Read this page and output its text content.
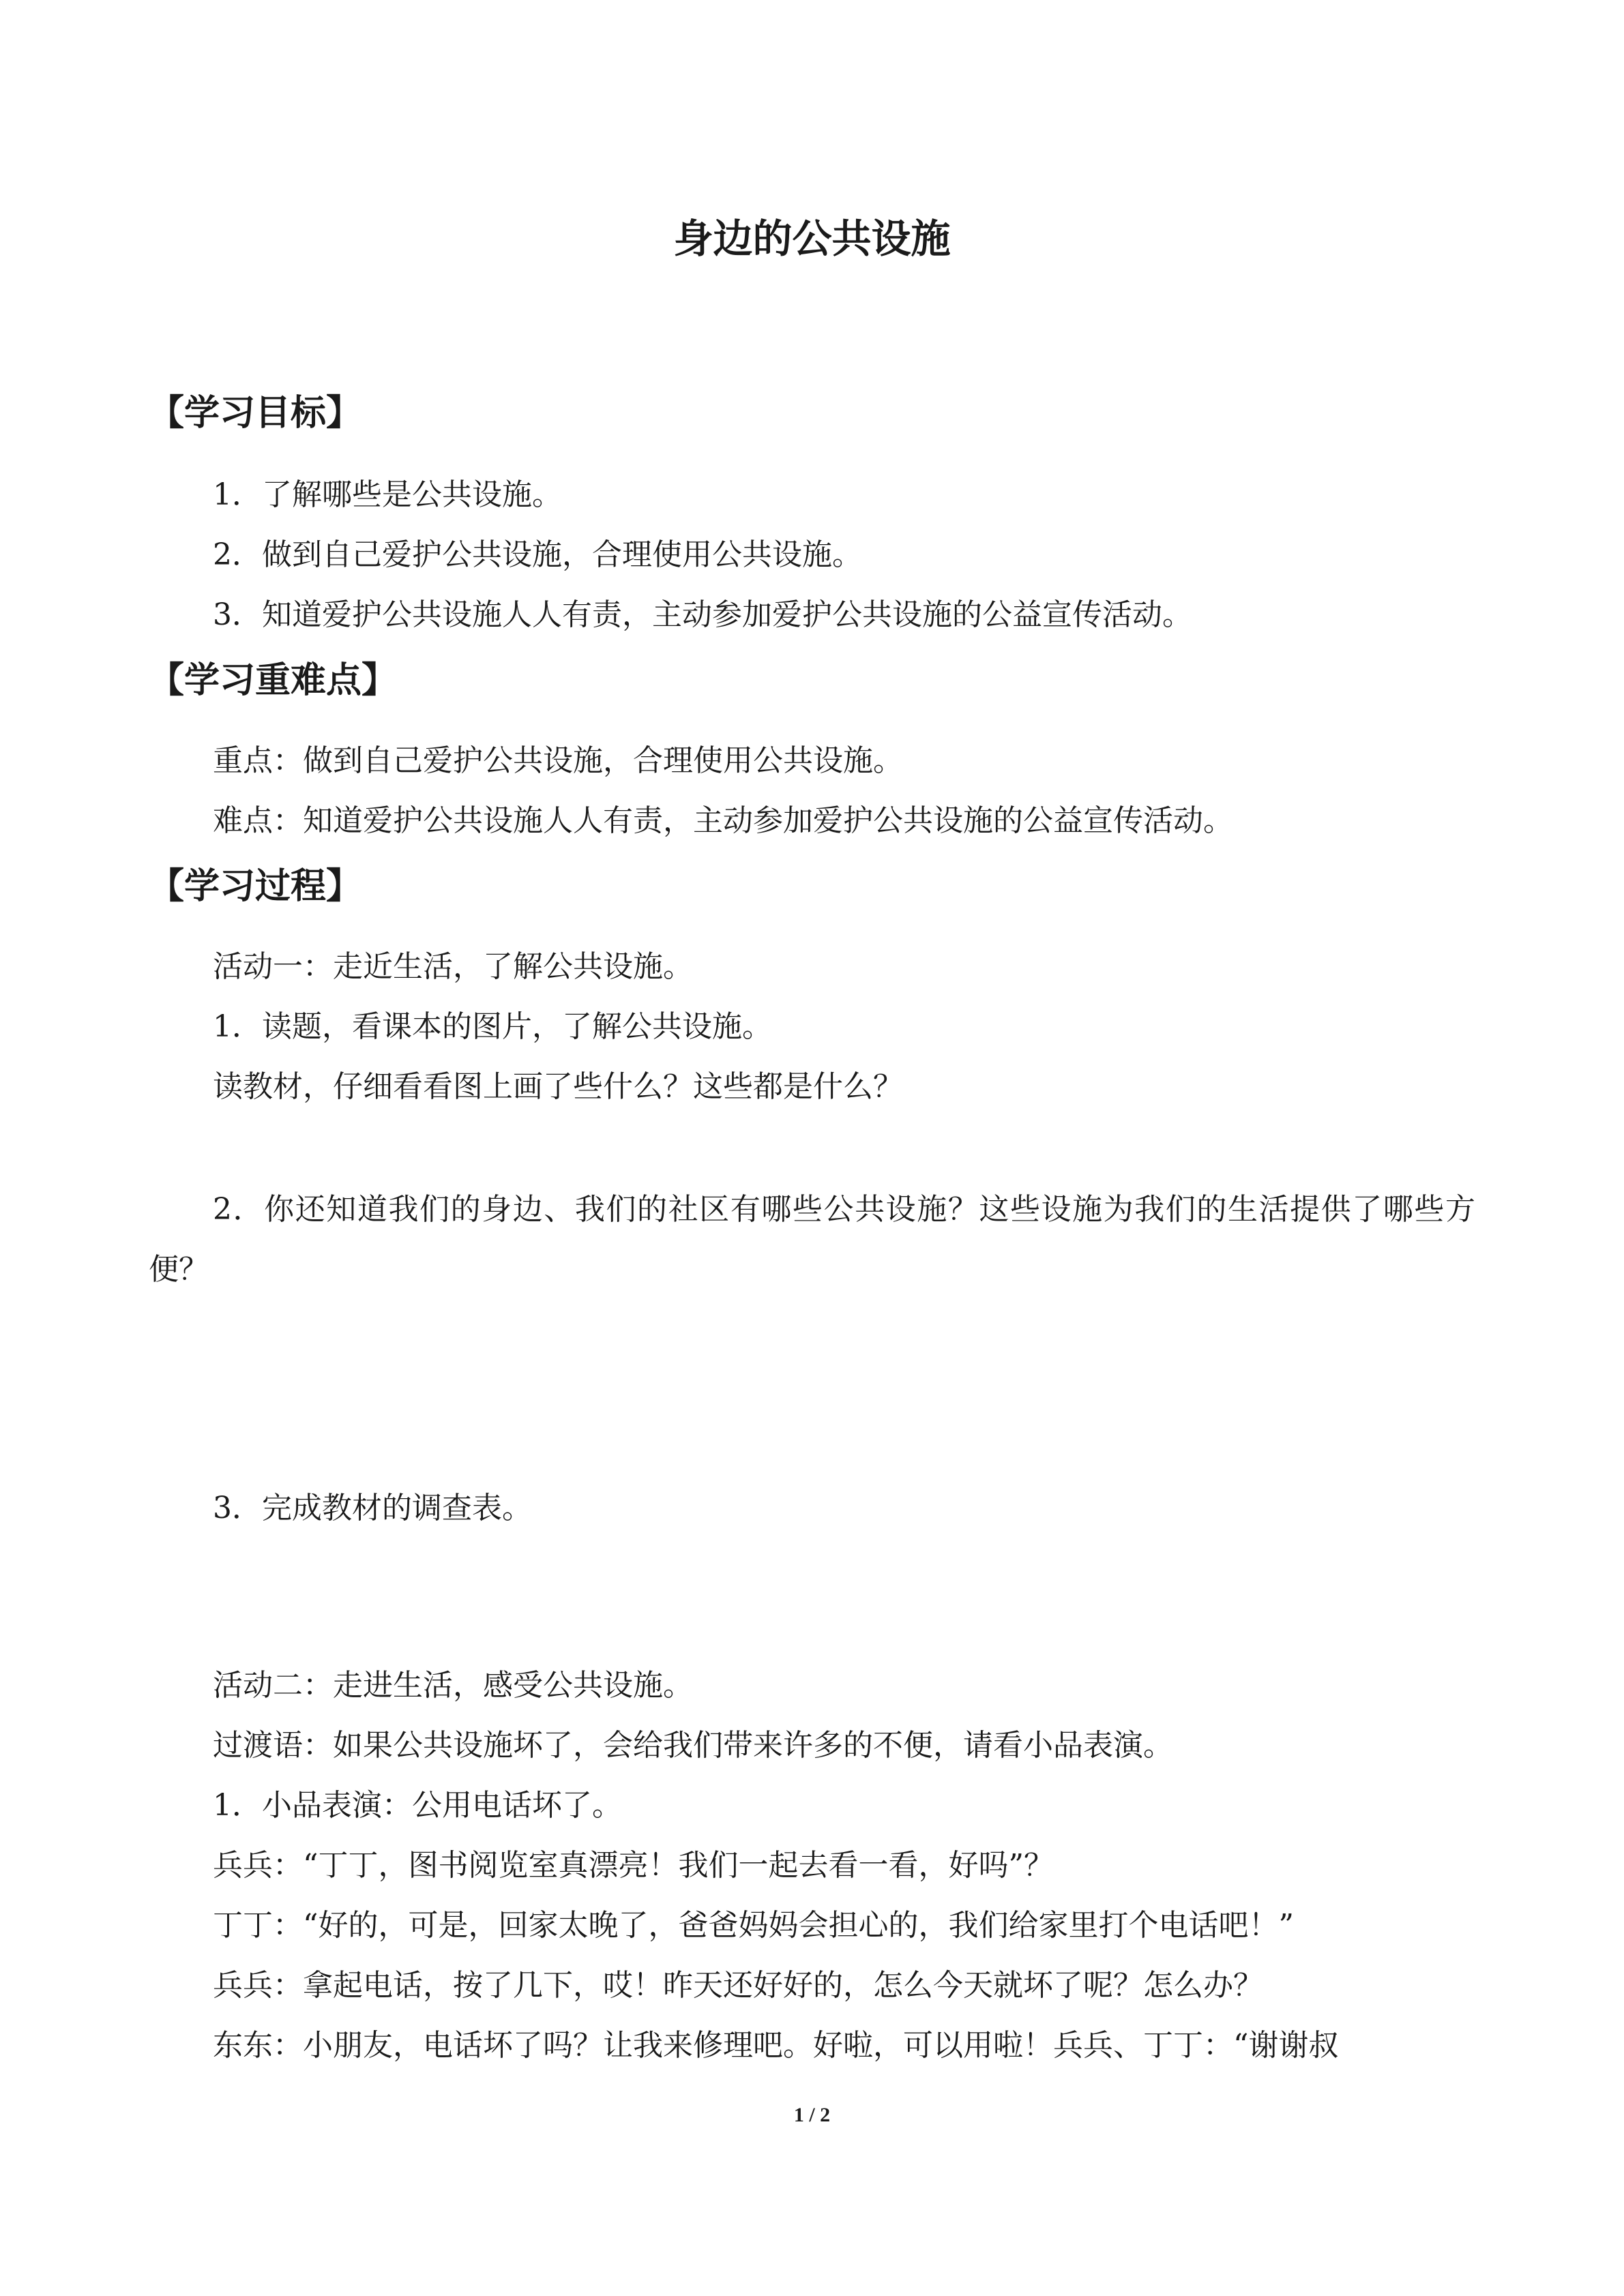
身边的公共设施
【学习目标】
1．了解哪些是公共设施。
2．做到自己爱护公共设施，合理使用公共设施。
3．知道爱护公共设施人人有责，主动参加爱护公共设施的公益宣传活动。
【学习重难点】
重点：做到自己爱护公共设施，合理使用公共设施。
难点：知道爱护公共设施人人有责，主动参加爱护公共设施的公益宣传活动。
【学习过程】
活动一：走近生活，了解公共设施。
1．读题，看课本的图片，了解公共设施。
读教材，仔细看看图上画了些什么？这些都是什么？
2．你还知道我们的身边、我们的社区有哪些公共设施？这些设施为我们的生活提供了哪些方便？
3．完成教材的调查表。
活动二：走进生活，感受公共设施。
过渡语：如果公共设施坏了，会给我们带来许多的不便，请看小品表演。
1．小品表演：公用电话坏了。
兵兵：“丁丁，图书阅览室真漂亮！我们一起去看一看，好吗”？
丁丁：“好的，可是，回家太晚了，爸爸妈妈会担心的，我们给家里打个电话吧！”
兵兵：拿起电话，按了几下，哎！昨天还好好的，怎么今天就坏了呢？怎么办？
东东：小朋友，电话坏了吗？让我来修理吧。好啦，可以用啦！兵兵、丁丁：“谢谢叔
1 / 2
